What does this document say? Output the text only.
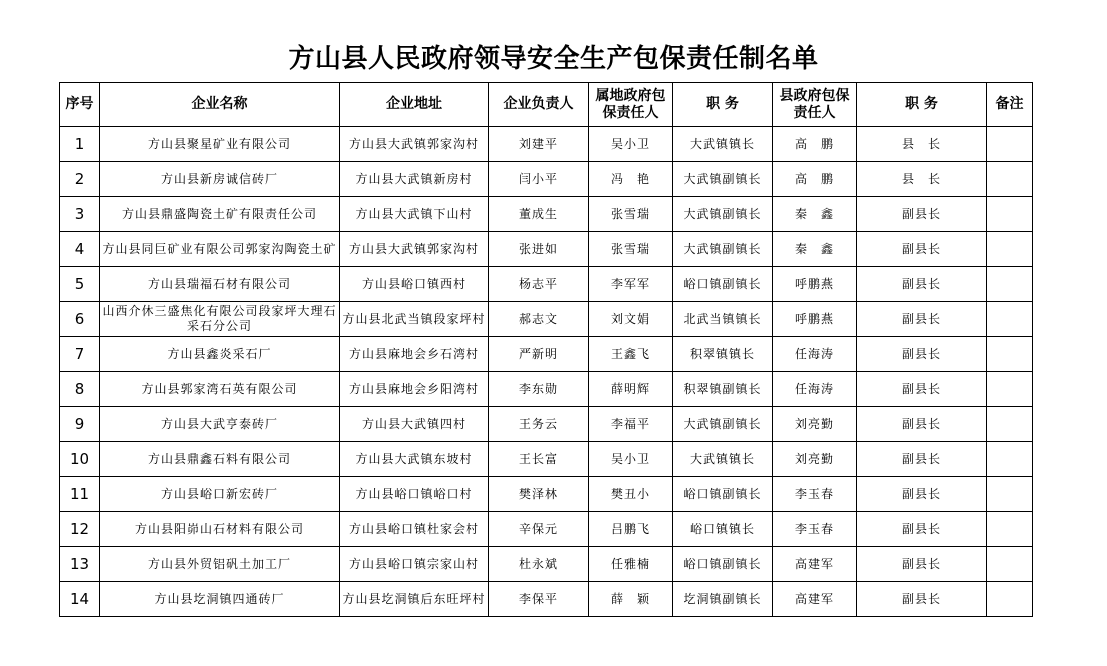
方山县人民政府领导安全生产包保责任制名单
序号	企业名称	企业地址	企业负责人	属地政府包保责任人	职 务	县政府包保责任人	职 务	备注
1	方山县聚星矿业有限公司	方山县大武镇郭家沟村	刘建平	吴小卫	大武镇镇长	高　鹏	县　长	
2	方山县新房诚信砖厂	方山县大武镇新房村	闫小平	冯　艳	大武镇副镇长	高　鹏	县　长	
3	方山县鼎盛陶瓷土矿有限责任公司	方山县大武镇下山村	董成生	张雪瑞	大武镇副镇长	秦　鑫	副县长	
4	方山县同巨矿业有限公司郭家沟陶瓷土矿	方山县大武镇郭家沟村	张进如	张雪瑞	大武镇副镇长	秦　鑫	副县长	
5	方山县瑞福石材有限公司	方山县峪口镇西村	杨志平	李军军	峪口镇副镇长	呼鹏燕	副县长	
6	山西介休三盛焦化有限公司段家坪大理石采石分公司	方山县北武当镇段家坪村	郝志文	刘文娟	北武当镇镇长	呼鹏燕	副县长	
7	方山县鑫炎采石厂	方山县麻地会乡石湾村	严新明	王鑫飞	积翠镇镇长	任海涛	副县长	
8	方山县郭家湾石英有限公司	方山县麻地会乡阳湾村	李东勋	薛明辉	积翠镇副镇长	任海涛	副县长	
9	方山县大武亨泰砖厂	方山县大武镇四村	王务云	李福平	大武镇副镇长	刘亮勤	副县长	
10	方山县鼎鑫石料有限公司	方山县大武镇东坡村	王长富	吴小卫	大武镇镇长	刘亮勤	副县长	
11	方山县峪口新宏砖厂	方山县峪口镇峪口村	樊泽林	樊丑小	峪口镇副镇长	李玉春	副县长	
12	方山县阳峁山石材料有限公司	方山县峪口镇杜家会村	辛保元	吕鹏飞	峪口镇镇长	李玉春	副县长	
13	方山县外贸铝矾土加工厂	方山县峪口镇宗家山村	杜永斌	任雅楠	峪口镇副镇长	高建军	副县长	
14	方山县圪洞镇四通砖厂	方山县圪洞镇后东旺坪村	李保平	薛　颖	圪洞镇副镇长	高建军	副县长	
